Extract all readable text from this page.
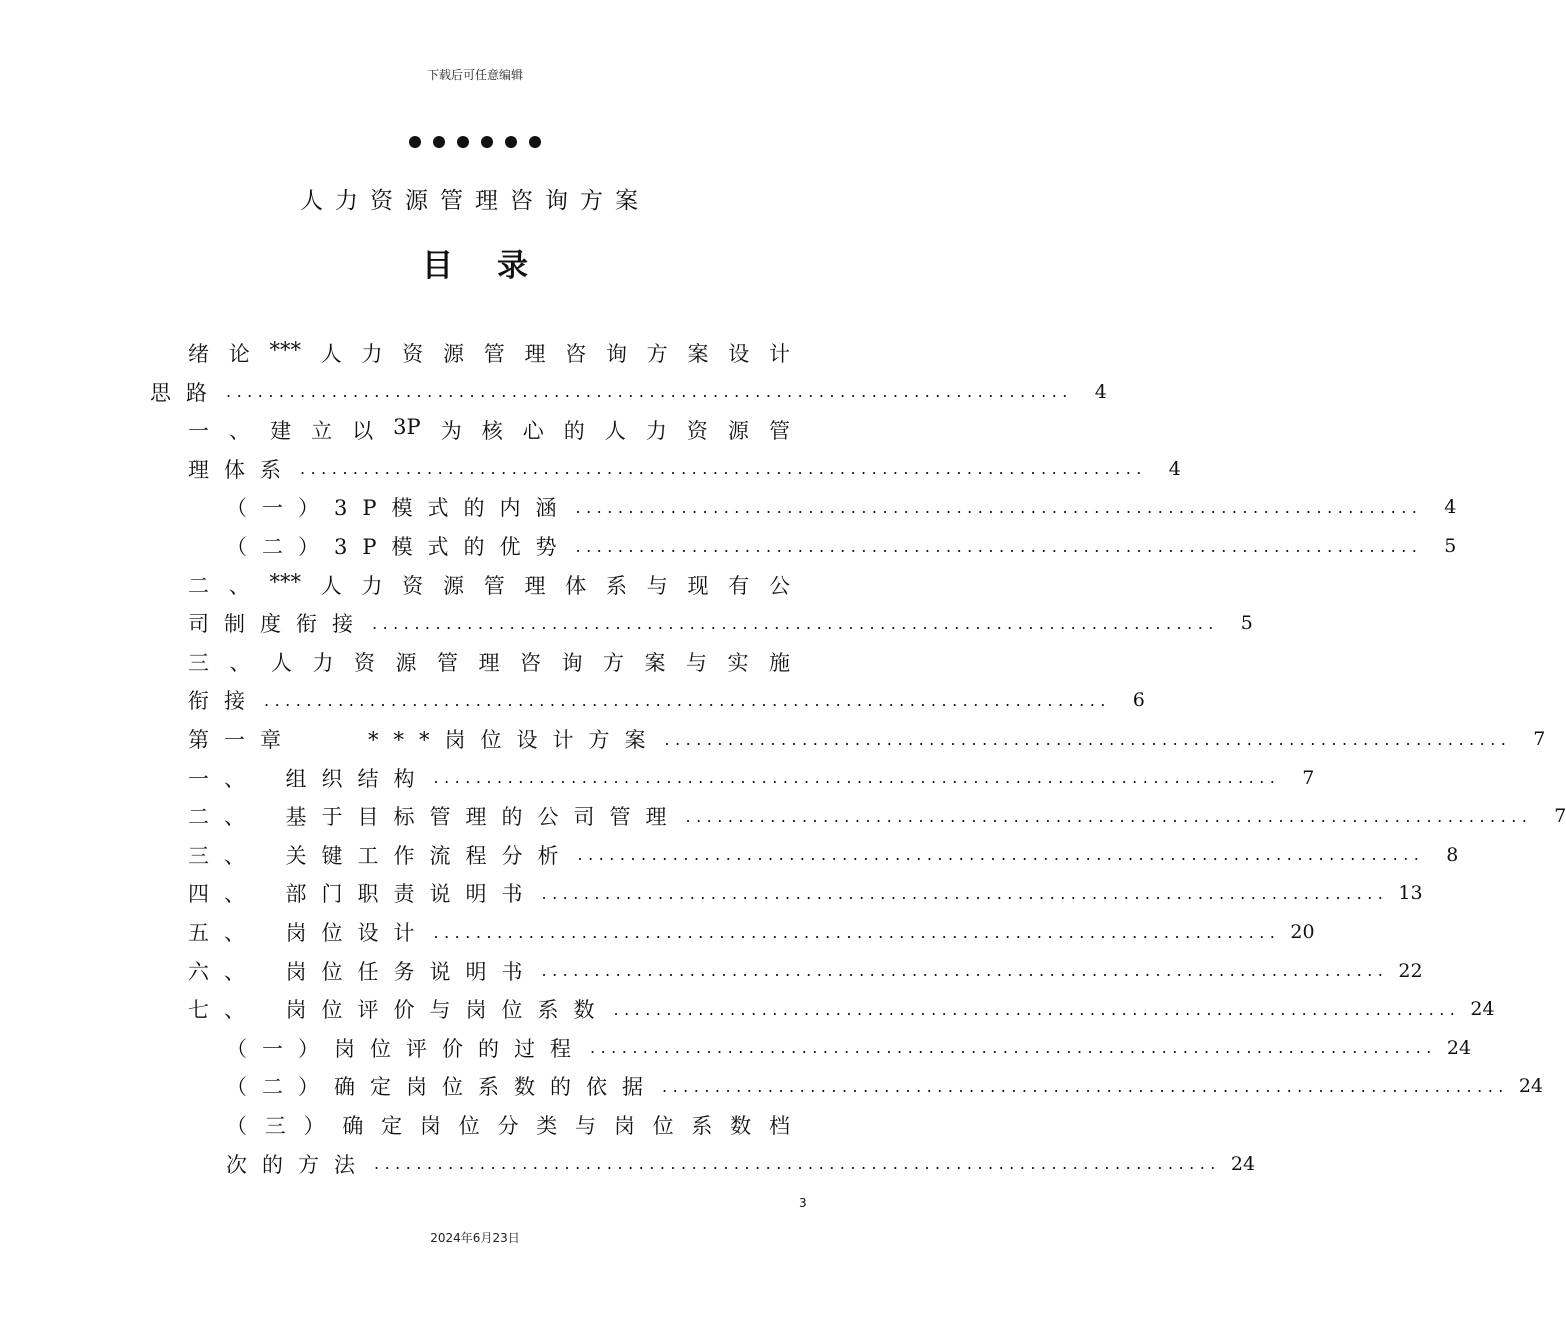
下载后可任意编辑
人力资源管理咨询方案
目录
绪 论 *** 人 力 资 源 管 理 咨 询 方 案 设 计
思路 ................................................................................	4
一 、 建 立 以 3P 为 核 心 的 人 力 资 源 管
理体系 ................................................................................	4
（一）3P模式的内涵 ................................................................................	4
（二）3P模式的优势 ................................................................................	5
二 、 *** 人 力 资 源 管 理 体 系 与 现 有 公
司制度衔接 ................................................................................	5
三 、 人 力 资 源 管 理 咨 询 方 案 与 实 施
衔接 ................................................................................	6
第一章　　***岗位设计方案 ................................................................................	7
一、　组织结构 ................................................................................	7
二、　基于目标管理的公司管理 ................................................................................	7
三、　关键工作流程分析 ................................................................................	8
四、　部门职责说明书 ................................................................................ 13
五、　岗位设计 ................................................................................ 20
六、　岗位任务说明书 ................................................................................ 22
七、　岗位评价与岗位系数 ................................................................................ 24
（一）岗位评价的过程 ................................................................................ 24
（二）确定岗位系数的依据 ................................................................................ 24
（ 三 ） 确 定 岗 位 分 类 与 岗 位 系 数 档
次的方法 ................................................................................ 24
3
2024年6月23日
